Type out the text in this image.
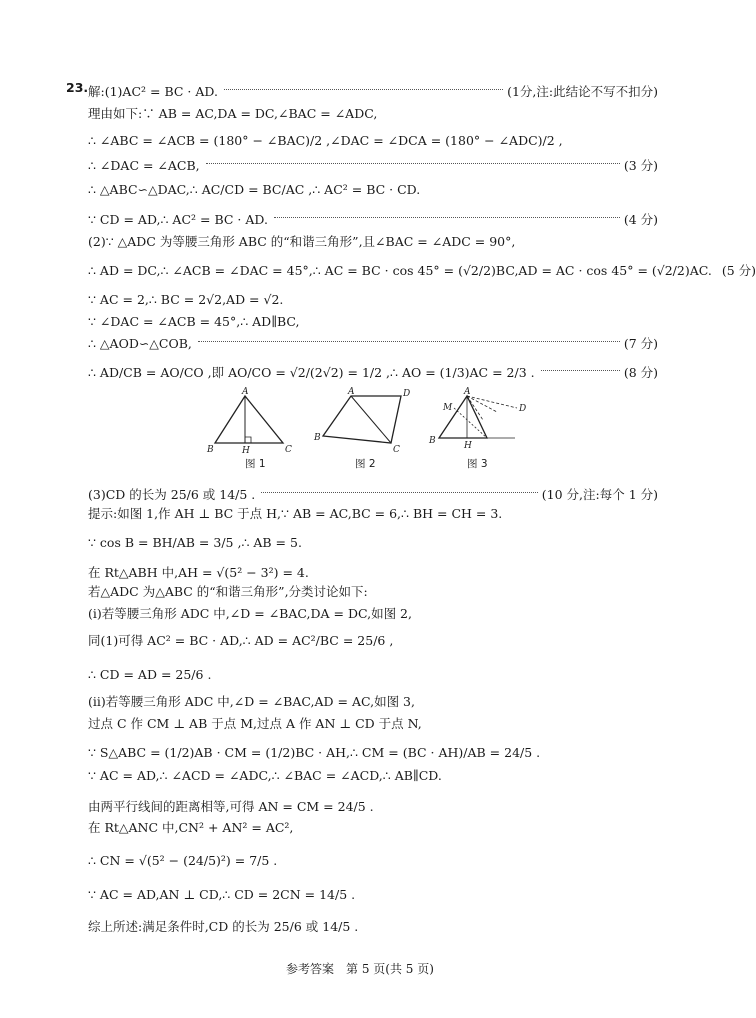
23. 解:(1)AC² = BC · AD.	(1分,注:此结论不写不扣分)
理由如下:∵ AB = AC,DA = DC,∠BAC = ∠ADC,
∴ ∠ABC = ∠ACB = (180° − ∠BAC)/2 ,∠DAC = ∠DCA = (180° − ∠ADC)/2 ,
∴ ∠DAC = ∠ACB,	(3 分)
∴ △ABC∽△DAC,∴ AC/CD = BC/AC ,∴ AC² = BC · CD.
∵ CD = AD,∴ AC² = BC · AD.	(4 分)
(2)∵ △ADC 为等腰三角形 ABC 的“和谐三角形”,且∠BAC = ∠ADC = 90°,
∴ AD = DC,∴ ∠ACB = ∠DAC = 45°,∴ AC = BC · cos 45° = (√2/2)BC,AD = AC · cos 45° = (√2/2)AC. (5 分)
∵ AC = 2,∴ BC = 2√2,AD = √2.
∵ ∠DAC = ∠ACB = 45°,∴ AD∥BC,
∴ △AOD∽△COB,	(7 分)
∴ AD/CB = AO/CO ,即 AO/CO = √2/(2√2) = 1/2 ,∴ AO = (1/3)AC = 2/3 .	(8 分)
(3)CD 的长为 25/6 或 14/5 .	(10 分,注:每个 1 分)
提示:如图 1,作 AH ⊥ BC 于点 H,∵ AB = AC,BC = 6,∴ BH = CH = 3.
∵ cos B = BH/AB = 3/5 ,∴ AB = 5.
在 Rt△ABH 中,AH = √(5² − 3²) = 4.
若△ADC 为△ABC 的“和谐三角形”,分类讨论如下:
(ⅰ)若等腰三角形 ADC 中,∠D = ∠BAC,DA = DC,如图 2,
同(1)可得 AC² = BC · AD,∴ AD = AC²/BC = 25/6 ,
∴ CD = AD = 25/6 .
(ⅱ)若等腰三角形 ADC 中,∠D = ∠BAC,AD = AC,如图 3,
过点 C 作 CM ⊥ AB 于点 M,过点 A 作 AN ⊥ CD 于点 N,
∵ S△ABC = (1/2)AB · CM = (1/2)BC · AH,∴ CM = (BC · AH)/AB = 24/5 .
∵ AC = AD,∴ ∠ACD = ∠ADC,∴ ∠BAC = ∠ACD,∴ AB∥CD.
由两平行线间的距离相等,可得 AN = CM = 24/5 .
在 Rt△ANC 中,CN² + AN² = AC²,
∴ CN = √(5² − (24/5)²) = 7/5 .
∵ AC = AD,AN ⊥ CD,∴ CD = 2CN = 14/5 .
综上所述:满足条件时,CD 的长为 25/6 或 14/5 .
A
B	H	C
图 1
A	D
B
C
图 2
A
M	D
B	H
图 3
参考答案　第 5 页(共 5 页)
